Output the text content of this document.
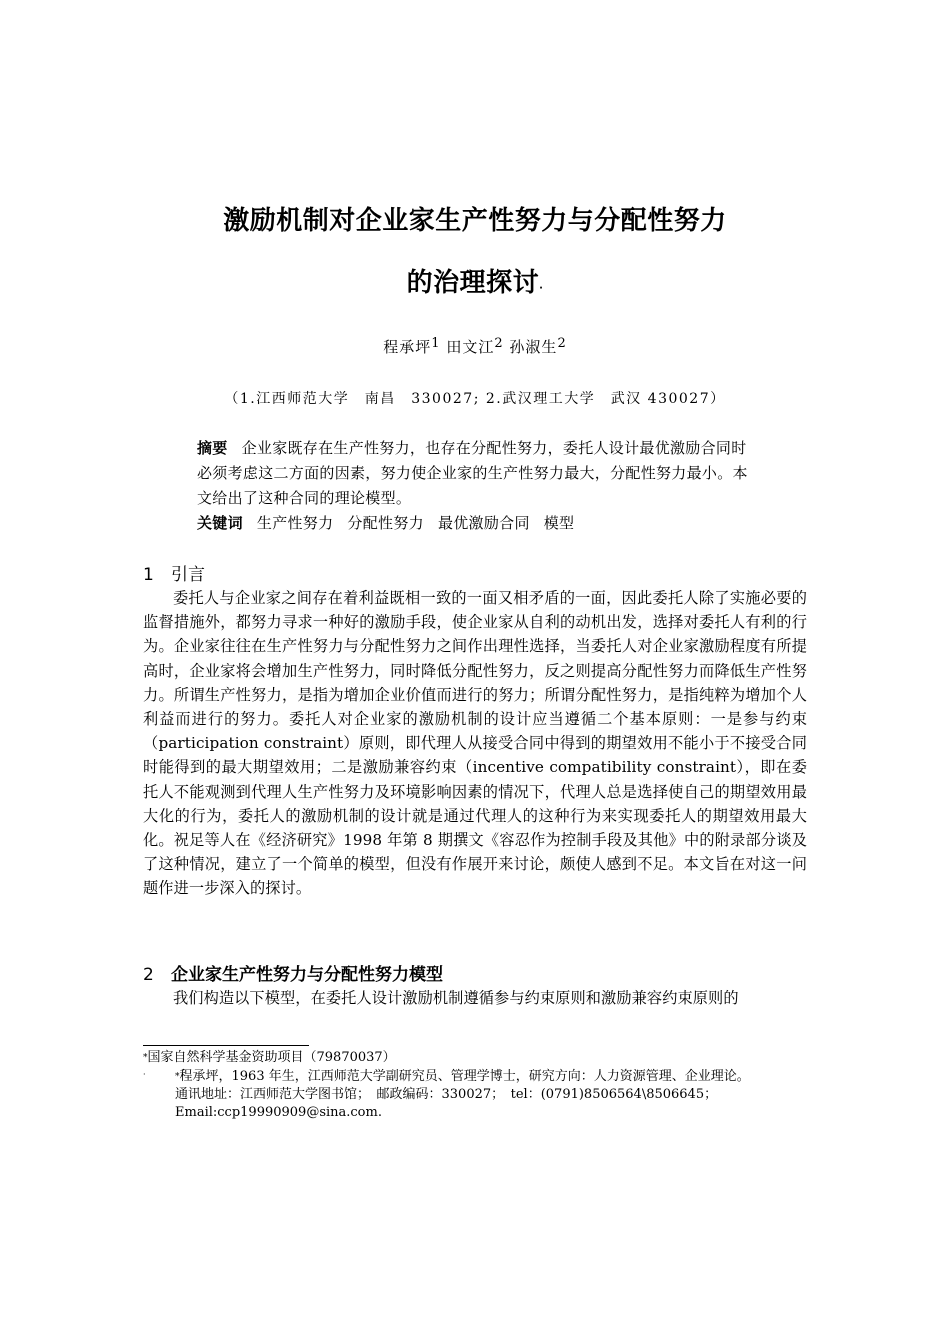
激励机制对企业家生产性努力与分配性努力
的治理探讨·
程承坪$^1$ 田文江$^2$ 孙淑生$^2$
（1.江西师范大学　南昌　330027; 2.武汉理工大学　武汉 430027）
摘要 企业家既存在生产性努力，也存在分配性努力，委托人设计最优激励合同时必须考虑这二方面的因素，努力使企业家的生产性努力最大，分配性努力最小。本文给出了这种合同的理论模型。
关键词 生产性努力 分配性努力 最优激励合同 模型
1 引言
委托人与企业家之间存在着利益既相一致的一面又相矛盾的一面，因此委托人除了实施必要的监督措施外，都努力寻求一种好的激励手段，使企业家从自利的动机出发，选择对委托人有利的行为。企业家往往在生产性努力与分配性努力之间作出理性选择，当委托人对企业家激励程度有所提高时，企业家将会增加生产性努力，同时降低分配性努力，反之则提高分配性努力而降低生产性努力。所谓生产性努力，是指为增加企业价值而进行的努力；所谓分配性努力，是指纯粹为增加个人利益而进行的努力。委托人对企业家的激励机制的设计应当遵循二个基本原则：一是参与约束（participation constraint）原则，即代理人从接受合同中得到的期望效用不能小于不接受合同时能得到的最大期望效用；二是激励兼容约束（incentive compatibility constraint），即在委托人不能观测到代理人生产性努力及环境影响因素的情况下，代理人总是选择使自己的期望效用最大化的行为，委托人的激励机制的设计就是通过代理人的这种行为来实现委托人的期望效用最大化。祝足等人在《经济研究》1998 年第 8 期撰文《容忍作为控制手段及其他》中的附录部分谈及了这种情况，建立了一个简单的模型，但没有作展开来讨论，颇使人感到不足。本文旨在对这一问题作进一步深入的探讨。
2 企业家生产性努力与分配性努力模型
我们构造以下模型，在委托人设计激励机制遵循参与约束原则和激励兼容约束原则的
*国家自然科学基金资助项目（79870037）
·	*程承坪，1963 年生，江西师范大学副研究员、管理学博士，研究方向：人力资源管理、企业理论。
通讯地址：江西师范大学图书馆；　邮政编码：330027；　tel：(0791)8506564\8506645；
Email:ccp19990909@sina.com.
